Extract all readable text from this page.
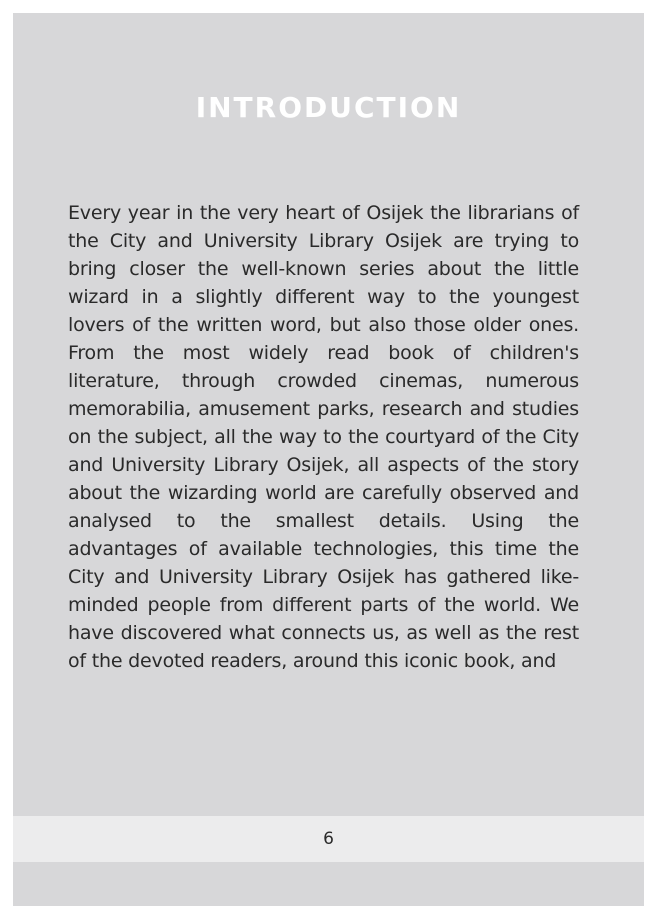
INTRODUCTION

Every year in the very heart of Osijek the librarians of the City and University Library Osijek are trying to bring closer the well-known series about the little wizard in a slightly different way to the youngest lovers of the written word, but also those older ones. From the most widely read book of children's literature, through crowded cinemas, numerous memorabilia, amusement parks, research and studies on the subject, all the way to the courtyard of the City and University Library Osijek, all aspects of the story about the wizarding world are carefully observed and analysed to the smallest details. Using the advantages of available technologies, this time the City and University Library Osijek has gathered like-minded people from different parts of the world. We have discovered what connects us, as well as the rest of the devoted readers, around this iconic book, and

6
